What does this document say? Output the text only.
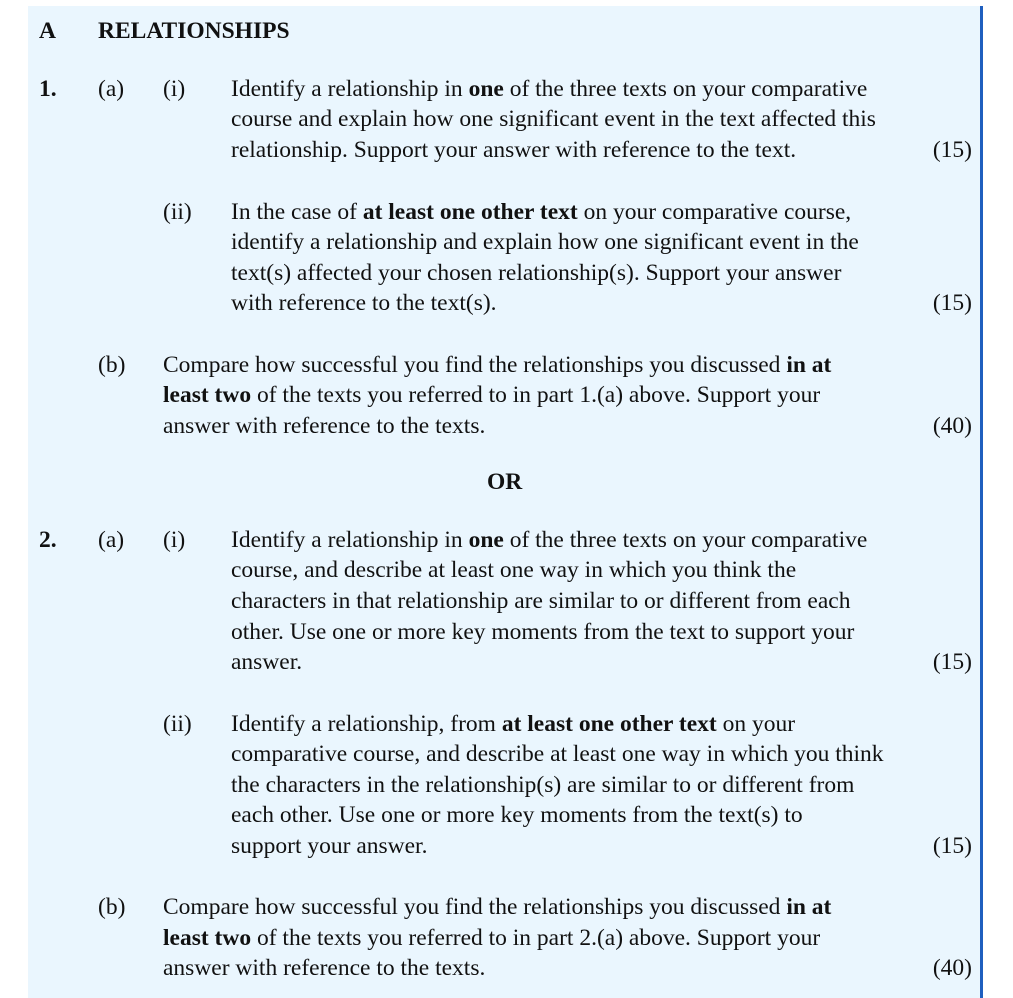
A RELATIONSHIPS
1. (a) (i) Identify a relationship in one of the three texts on your comparative
course and explain how one significant event in the text affected this
relationship. Support your answer with reference to the text.	(15)
(ii) In the case of at least one other text on your comparative course,
identify a relationship and explain how one significant event in the
text(s) affected your chosen relationship(s). Support your answer
with reference to the text(s).	(15)
(b) Compare how successful you find the relationships you discussed in at
least two of the texts you referred to in part 1.(a) above. Support your
answer with reference to the texts.	(40)
OR
2. (a) (i) Identify a relationship in one of the three texts on your comparative
course, and describe at least one way in which you think the
characters in that relationship are similar to or different from each
other. Use one or more key moments from the text to support your
answer.	(15)
(ii) Identify a relationship, from at least one other text on your
comparative course, and describe at least one way in which you think
the characters in the relationship(s) are similar to or different from
each other. Use one or more key moments from the text(s) to
support your answer.	(15)
(b) Compare how successful you find the relationships you discussed in at
least two of the texts you referred to in part 2.(a) above. Support your
answer with reference to the texts.	(40)
